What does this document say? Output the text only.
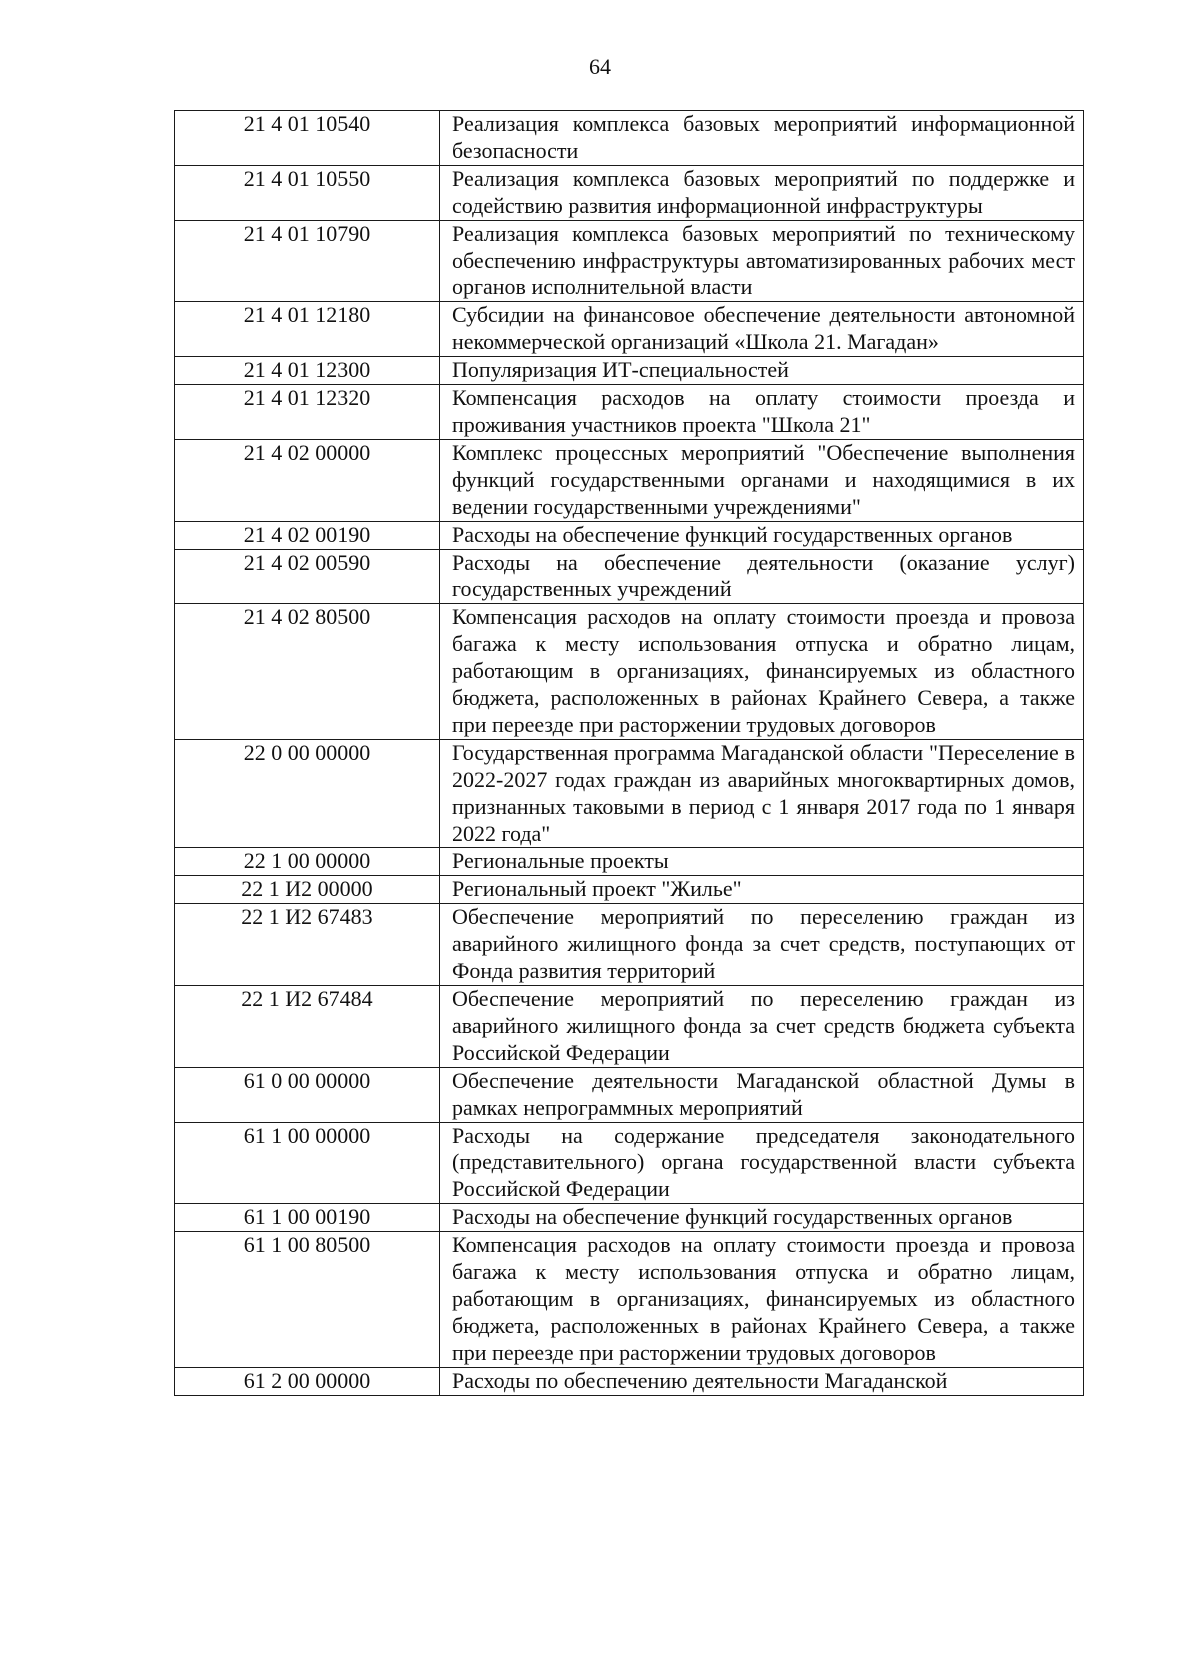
64
21 4 01 10540	Реализация комплекса базовых мероприятий информационной безопасности

21 4 01 10550	Реализация комплекса базовых мероприятий по поддержке и содействию развития информационной инфраструктуры

21 4 01 10790	Реализация комплекса базовых мероприятий по техническому обеспечению инфраструктуры автоматизированных рабочих мест органов исполнительной власти

21 4 01 12180	Субсидии на финансовое обеспечение деятельности автономной некоммерческой организаций «Школа 21. Магадан»

21 4 01 12300	Популяризация ИТ-специальностей

21 4 01 12320	Компенсация расходов на оплату стоимости проезда и проживания участников проекта "Школа 21"

21 4 02 00000	Комплекс процессных мероприятий "Обеспечение выполнения функций государственными органами и находящимися в их ведении государственными учреждениями"

21 4 02 00190	Расходы на обеспечение функций государственных органов

21 4 02 00590	Расходы на обеспечение деятельности (оказание услуг) государственных учреждений

21 4 02 80500	Компенсация расходов на оплату стоимости проезда и провоза багажа к месту использования отпуска и обратно лицам, работающим в организациях, финансируемых из областного бюджета, расположенных в районах Крайнего Севера, а также при переезде при расторжении трудовых договоров

22 0 00 00000	Государственная программа Магаданской области "Переселение в 2022-2027 годах граждан из аварийных многоквартирных домов, признанных таковыми в период с 1 января 2017 года по 1 января 2022 года"

22 1 00 00000	Региональные проекты

22 1 И2 00000	Региональный проект "Жилье"

22 1 И2 67483	Обеспечение мероприятий по переселению граждан из аварийного жилищного фонда за счет средств, поступающих от Фонда развития территорий

22 1 И2 67484	Обеспечение мероприятий по переселению граждан из аварийного жилищного фонда за счет средств бюджета субъекта Российской Федерации

61 0 00 00000	Обеспечение деятельности Магаданской областной Думы в рамках непрограммных мероприятий

61 1 00 00000	Расходы на содержание председателя законодательного (представительного) органа государственной власти субъекта Российской Федерации

61 1 00 00190	Расходы на обеспечение функций государственных органов

61 1 00 80500	Компенсация расходов на оплату стоимости проезда и провоза багажа к месту использования отпуска и обратно лицам, работающим в организациях, финансируемых из областного бюджета, расположенных в районах Крайнего Севера, а также при переезде при расторжении трудовых договоров

61 2 00 00000	Расходы по обеспечению деятельности Магаданской
